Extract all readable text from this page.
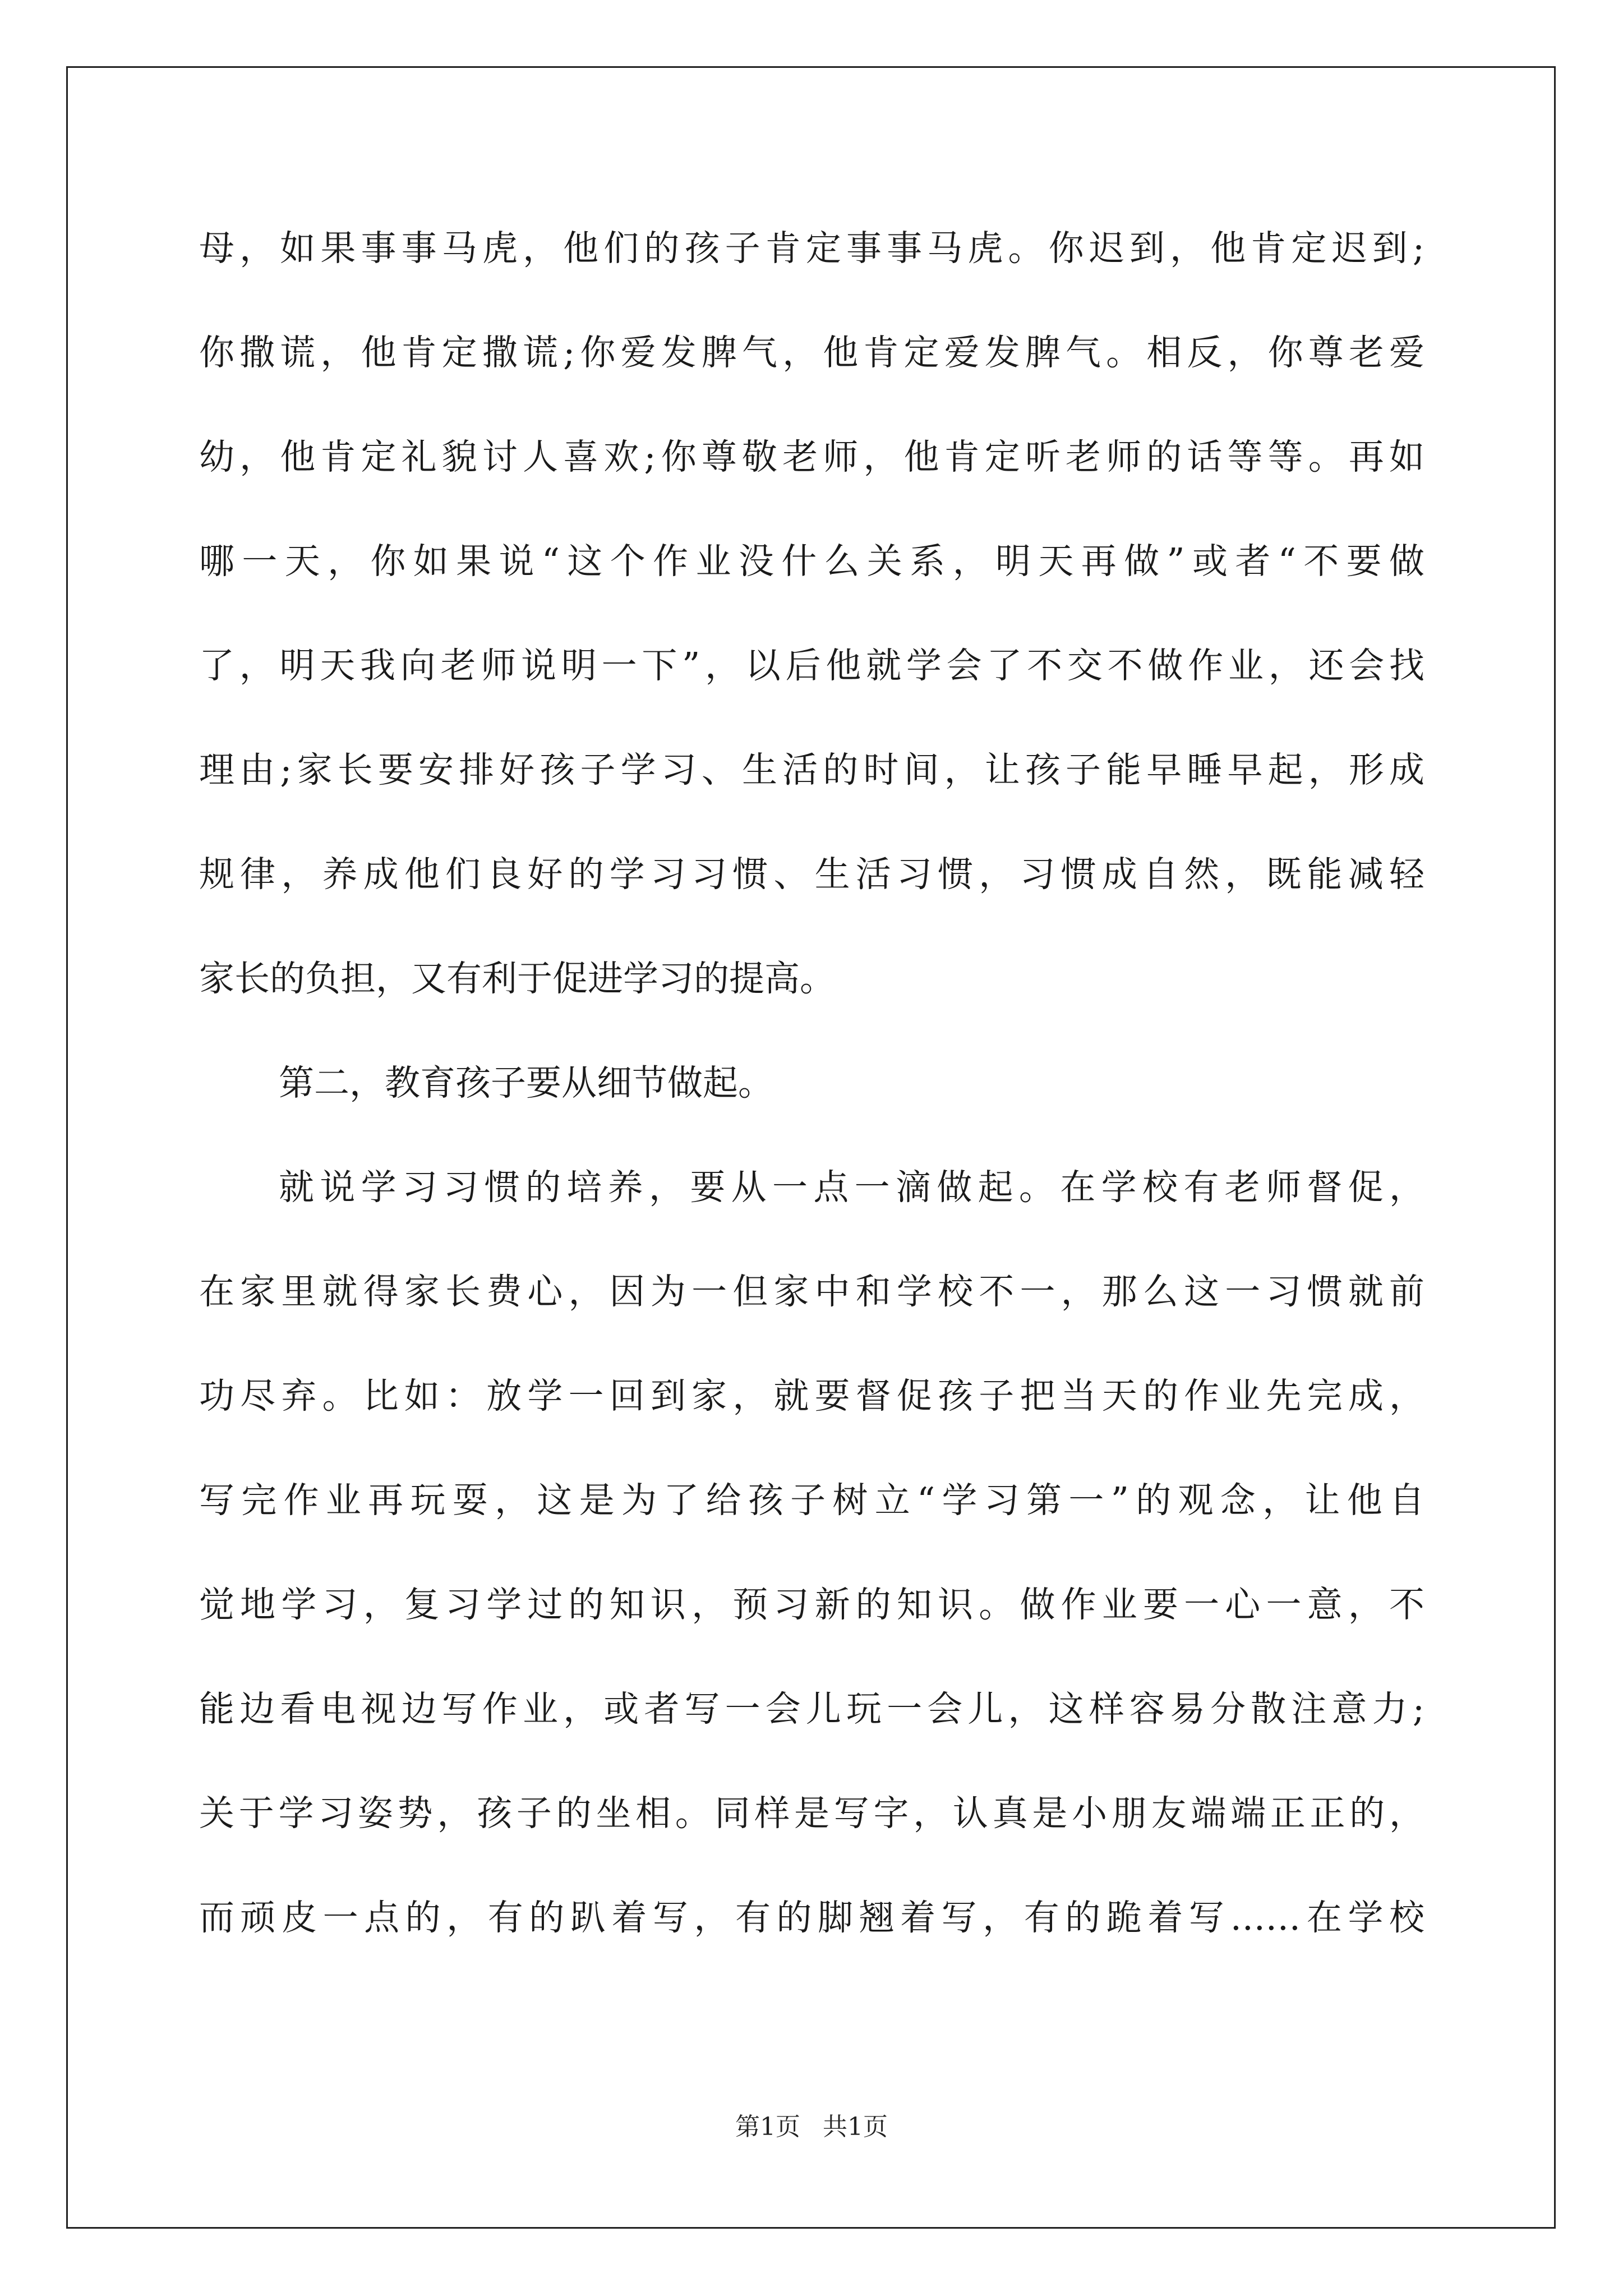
母，如果事事马虎，他们的孩子肯定事事马虎。你迟到，他肯定迟到;
你撒谎，他肯定撒谎;你爱发脾气，他肯定爱发脾气。相反，你尊老爱
幼，他肯定礼貌讨人喜欢;你尊敬老师，他肯定听老师的话等等。再如
哪一天，你如果说“这个作业没什么关系，明天再做”或者“不要做
了，明天我向老师说明一下”，以后他就学会了不交不做作业，还会找
理由;家长要安排好孩子学习、生活的时间，让孩子能早睡早起，形成
规律，养成他们良好的学习习惯、生活习惯，习惯成自然，既能减轻
家长的负担，又有利于促进学习的提高。
第二，教育孩子要从细节做起。
就说学习习惯的培养，要从一点一滴做起。在学校有老师督促，
在家里就得家长费心，因为一但家中和学校不一，那么这一习惯就前
功尽弃。比如：放学一回到家，就要督促孩子把当天的作业先完成，
写完作业再玩耍，这是为了给孩子树立“学习第一”的观念，让他自
觉地学习，复习学过的知识，预习新的知识。做作业要一心一意，不
能边看电视边写作业，或者写一会儿玩一会儿，这样容易分散注意力;
关于学习姿势，孩子的坐相。同样是写字，认真是小朋友端端正正的，
而顽皮一点的，有的趴着写，有的脚翘着写，有的跪着写……在学校
第1页 共1页
